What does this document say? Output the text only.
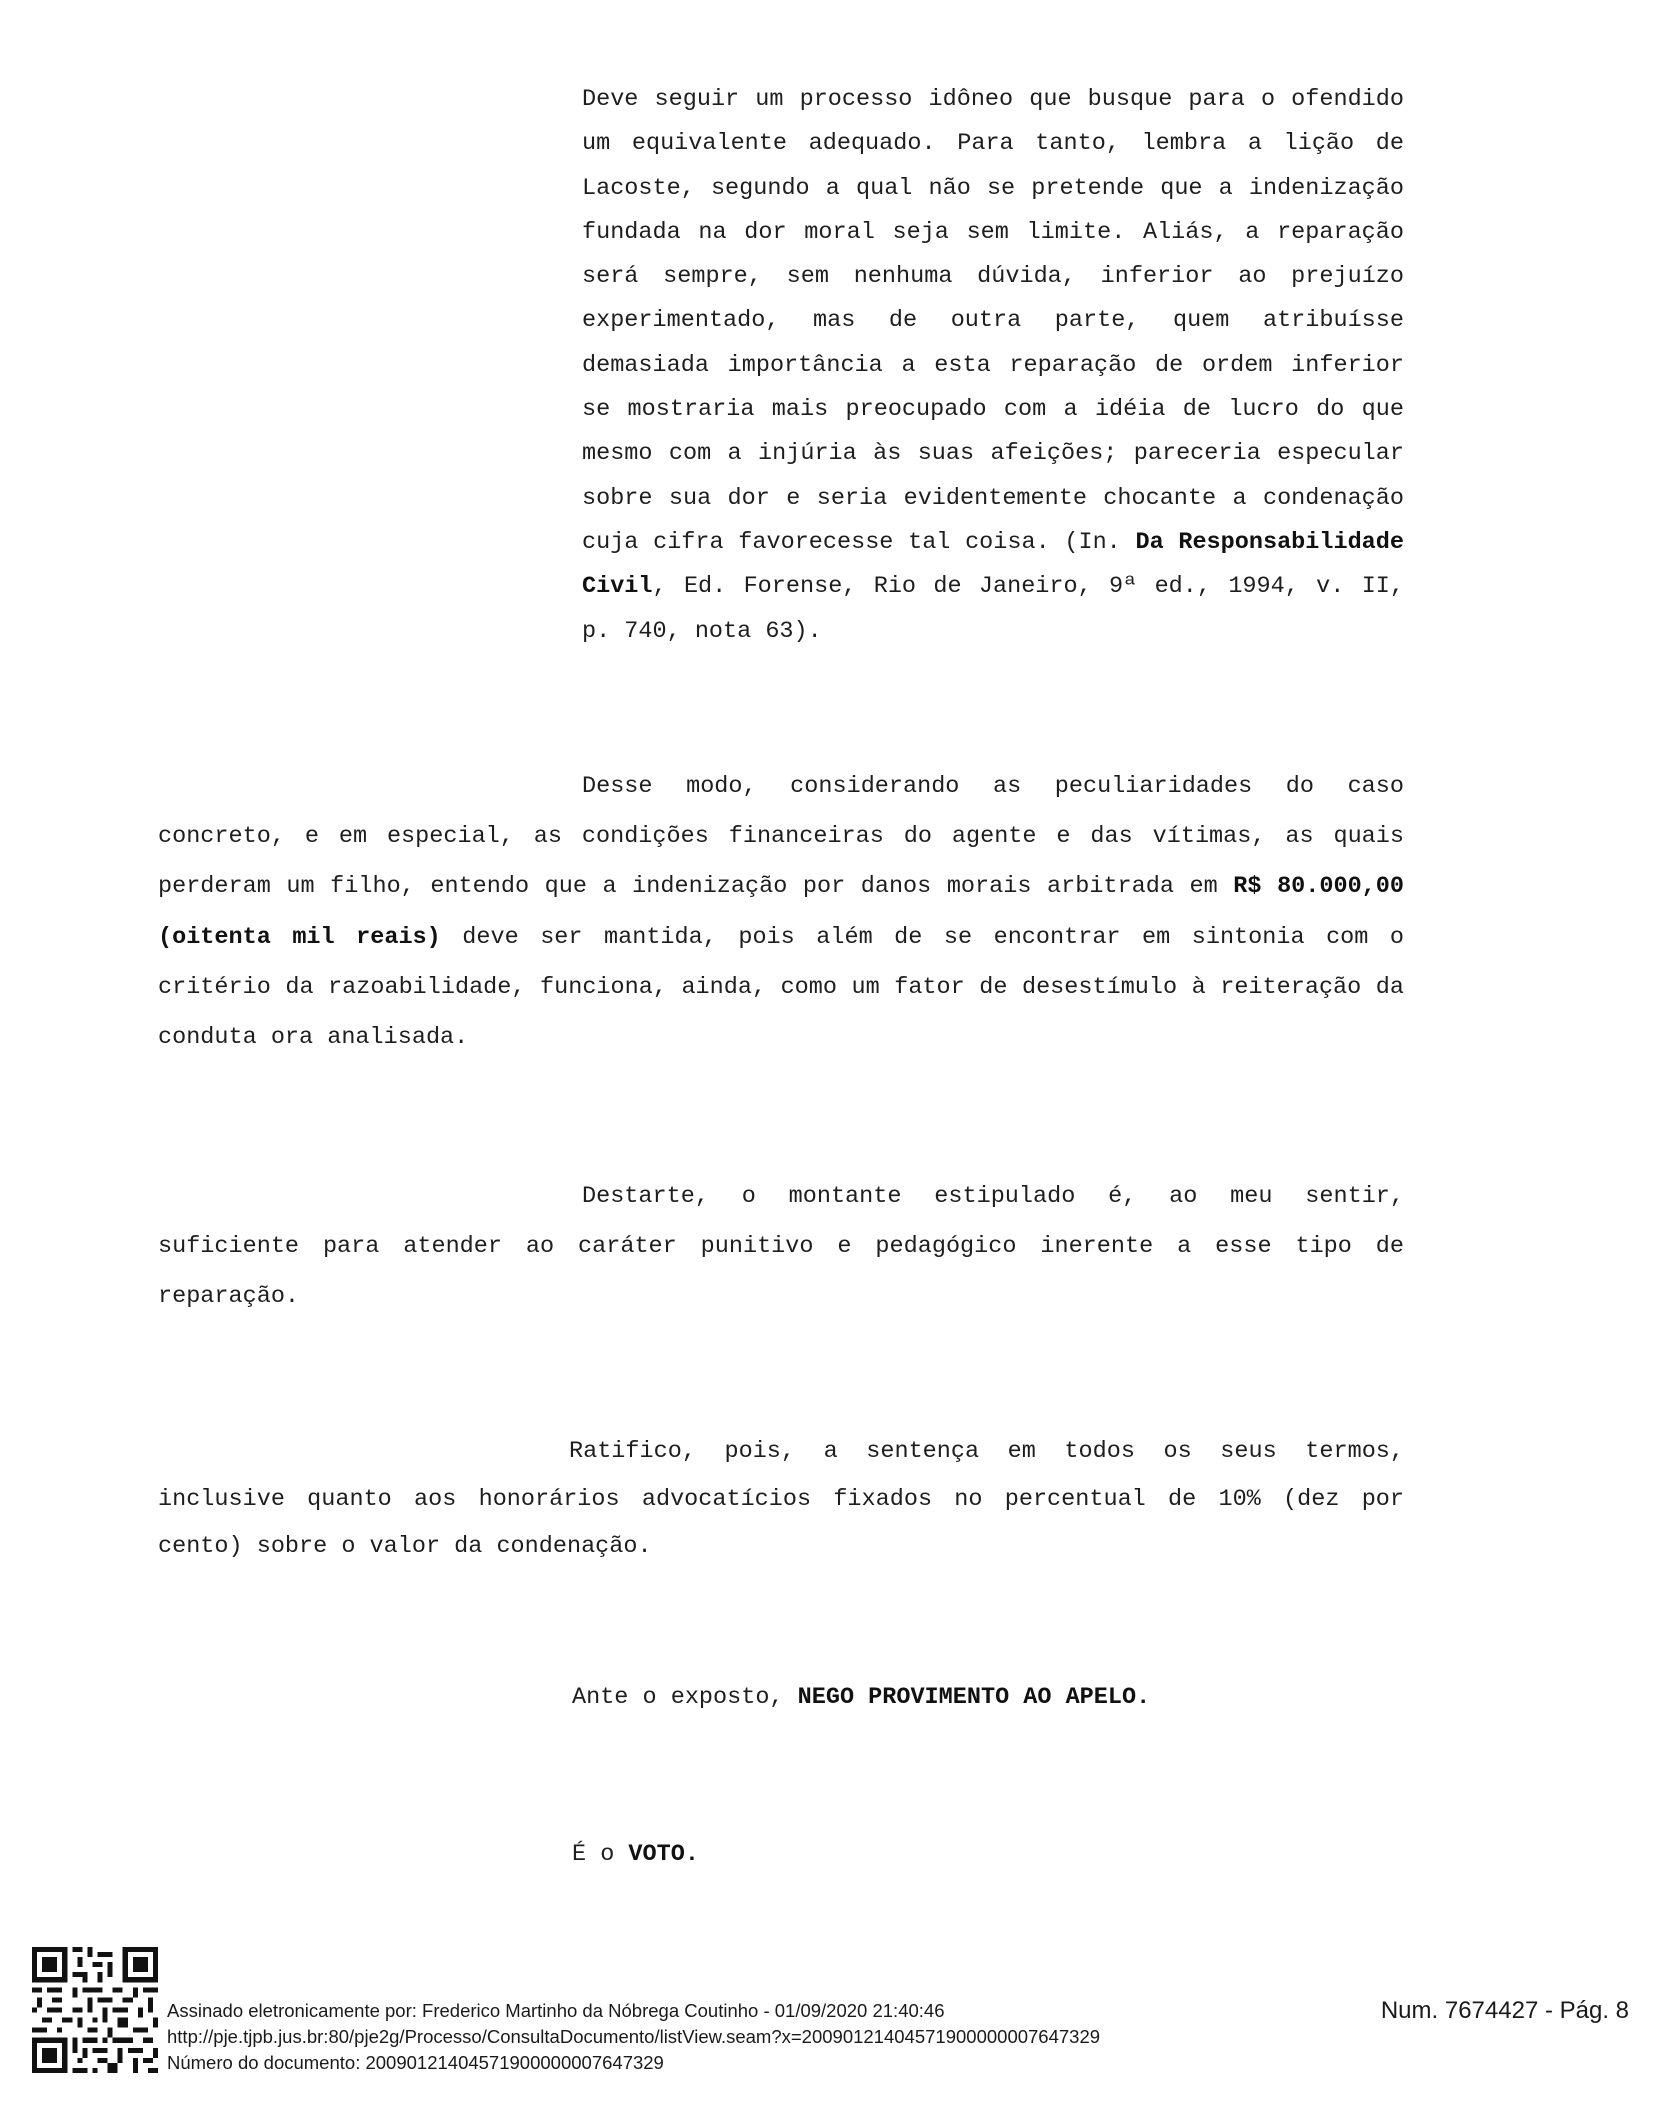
Deve seguir um processo idôneo que busque para o ofendido um equivalente adequado. Para tanto, lembra a lição de Lacoste, segundo a qual não se pretende que a indenização fundada na dor moral seja sem limite. Aliás, a reparação será sempre, sem nenhuma dúvida, inferior ao prejuízo experimentado, mas de outra parte, quem atribuísse demasiada importância a esta reparação de ordem inferior se mostraria mais preocupado com a idéia de lucro do que mesmo com a injúria às suas afeições; pareceria especular sobre sua dor e seria evidentemente chocante a condenação cuja cifra favorecesse tal coisa. (In. Da Responsabilidade Civil, Ed. Forense, Rio de Janeiro, 9ª ed., 1994, v. II, p. 740, nota 63).

Desse modo, considerando as peculiaridades do caso concreto, e em especial, as condições financeiras do agente e das vítimas, as quais perderam um filho, entendo que a indenização por danos morais arbitrada em R$ 80.000,00 (oitenta mil reais) deve ser mantida, pois além de se encontrar em sintonia com o critério da razoabilidade, funciona, ainda, como um fator de desestímulo à reiteração da conduta ora analisada.

Destarte, o montante estipulado é, ao meu sentir, suficiente para atender ao caráter punitivo e pedagógico inerente a esse tipo de reparação.

Ratifico, pois, a sentença em todos os seus termos, inclusive quanto aos honorários advocatícios fixados no percentual de 10% (dez por cento) sobre o valor da condenação.

Ante o exposto, NEGO PROVIMENTO AO APELO.
É o VOTO.
Assinado eletronicamente por: Frederico Martinho da Nóbrega Coutinho - 01/09/2020 21:40:46
http://pje.tjpb.jus.br:80/pje2g/Processo/ConsultaDocumento/listView.seam?x=20090121404571900000007647329
Número do documento: 20090121404571900000007647329
Num. 7674427 - Pág. 8
